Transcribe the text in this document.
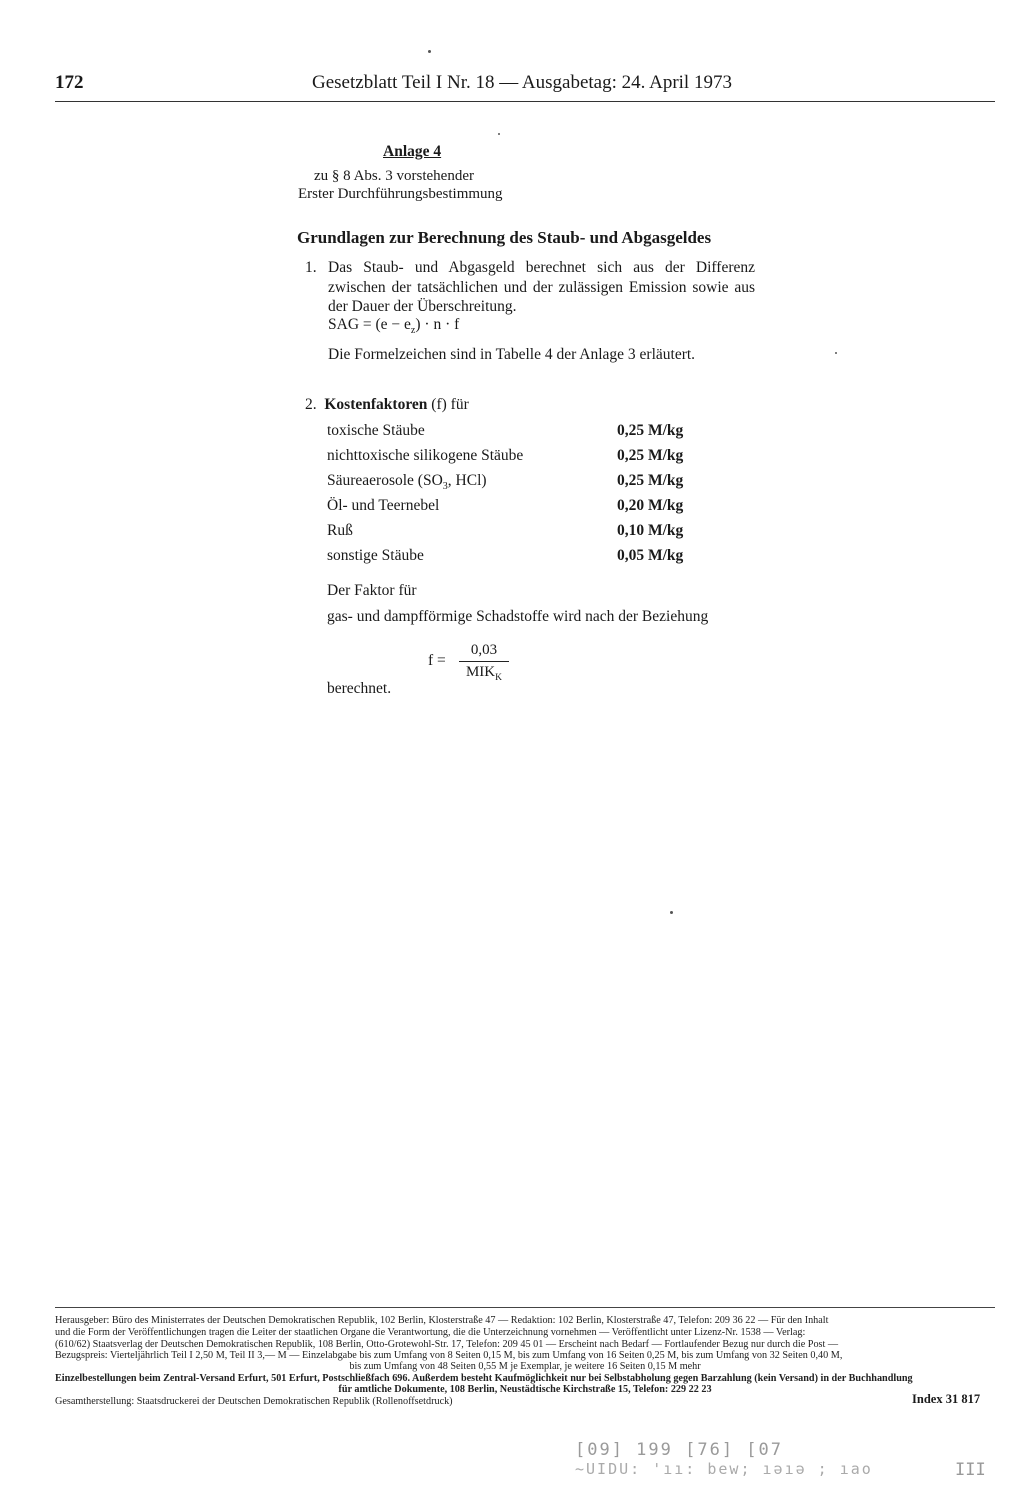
172	Gesetzblatt Teil I Nr. 18 — Ausgabetag: 24. April 1973
Anlage 4
zu § 8 Abs. 3 vorstehender
Erster Durchführungsbestimmung
Grundlagen zur Berechnung des Staub- und Abgasgeldes
1. Das Staub- und Abgasgeld berechnet sich aus der Differenz zwischen der tatsächlichen und der zulässigen Emission sowie aus der Dauer der Überschreitung.
SAG = $(e - e_z) \cdot n \cdot f$
Die Formelzeichen sind in Tabelle 4 der Anlage 3 erläutert.
2. Kostenfaktoren (f) für
toxische Stäube	0,25 M/kg
nichttoxische silikogene Stäube	0,25 M/kg
Säureaerosole ($SO_3$, HCl)	0,25 M/kg
Öl- und Teernebel	0,20 M/kg
Ruß	0,10 M/kg
sonstige Stäube	0,05 M/kg
Der Faktor für
gas- und dampfförmige Schadstoffe wird nach der Beziehung
f =
0,03
$MIK_K$
berechnet.
Herausgeber: Büro des Ministerrates der Deutschen Demokratischen Republik, 102 Berlin, Klosterstraße 47 — Redaktion: 102 Berlin, Klosterstraße 47, Telefon: 209 36 22 — Für den Inhalt
und die Form der Veröffentlichungen tragen die Leiter der staatlichen Organe die Verantwortung, die die Unterzeichnung vornehmen — Veröffentlicht unter Lizenz-Nr. 1538 — Verlag:
(610/62) Staatsverlag der Deutschen Demokratischen Republik, 108 Berlin, Otto-Grotewohl-Str. 17, Telefon: 209 45 01 — Erscheint nach Bedarf — Fortlaufender Bezug nur durch die Post —
Bezugspreis: Vierteljährlich Teil I 2,50 M, Teil II 3,— M — Einzelabgabe bis zum Umfang von 8 Seiten 0,15 M, bis zum Umfang von 16 Seiten 0,25 M, bis zum Umfang von 32 Seiten 0,40 M,
bis zum Umfang von 48 Seiten 0,55 M je Exemplar, je weitere 16 Seiten 0,15 M mehr
Einzelbestellungen beim Zentral-Versand Erfurt, 501 Erfurt, Postschließfach 696. Außerdem besteht Kaufmöglichkeit nur bei Selbstabholung gegen Barzahlung (kein Versand) in der Buchhandlung
für amtliche Dokumente, 108 Berlin, Neustädtische Kirchstraße 15, Telefon: 229 22 23
Gesamtherstellung: Staatsdruckerei der Deutschen Demokratischen Republik (Rollenoffsetdruck)	Index 31 817
[09] 199 [76] [07
~UIDU: 'ıı: bew; ıəıə ; ıao	III
